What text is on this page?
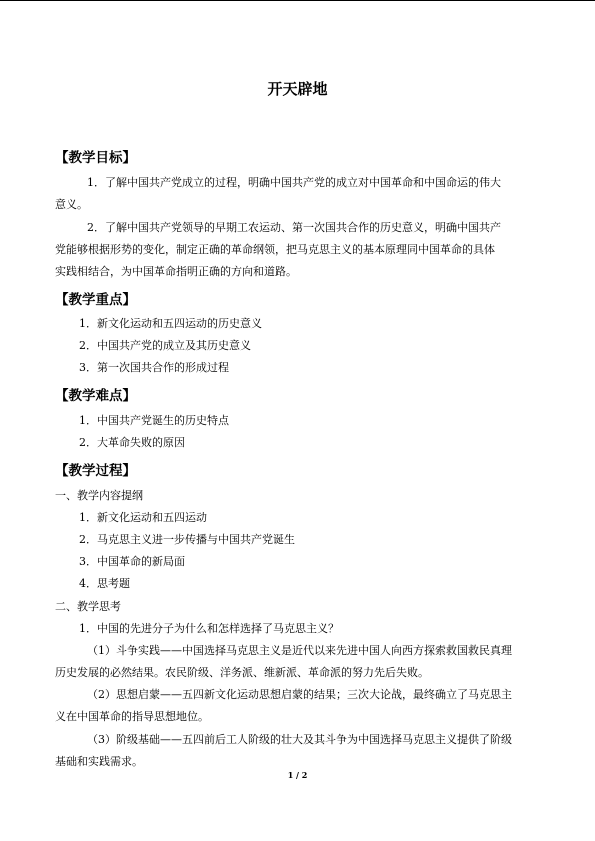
开天辟地
【教学目标】
1．了解中国共产党成立的过程，明确中国共产党的成立对中国革命和中国命运的伟大
意义。
2．了解中国共产党领导的早期工农运动、第一次国共合作的历史意义，明确中国共产
党能够根据形势的变化，制定正确的革命纲领，把马克思主义的基本原理同中国革命的具体
实践相结合，为中国革命指明正确的方向和道路。
【教学重点】
1．新文化运动和五四运动的历史意义
2．中国共产党的成立及其历史意义
3．第一次国共合作的形成过程
【教学难点】
1．中国共产党诞生的历史特点
2．大革命失败的原因
【教学过程】
一、教学内容提纲
1．新文化运动和五四运动
2．马克思主义进一步传播与中国共产党诞生
3．中国革命的新局面
4．思考题
二、教学思考
1．中国的先进分子为什么和怎样选择了马克思主义？
（1）斗争实践——中国选择马克思主义是近代以来先进中国人向西方探索救国救民真理
历史发展的必然结果。农民阶级、洋务派、维新派、革命派的努力先后失败。
（2）思想启蒙——五四新文化运动思想启蒙的结果；三次大论战，最终确立了马克思主
义在中国革命的指导思想地位。
（3）阶级基础——五四前后工人阶级的壮大及其斗争为中国选择马克思主义提供了阶级
基础和实践需求。
1 / 2
